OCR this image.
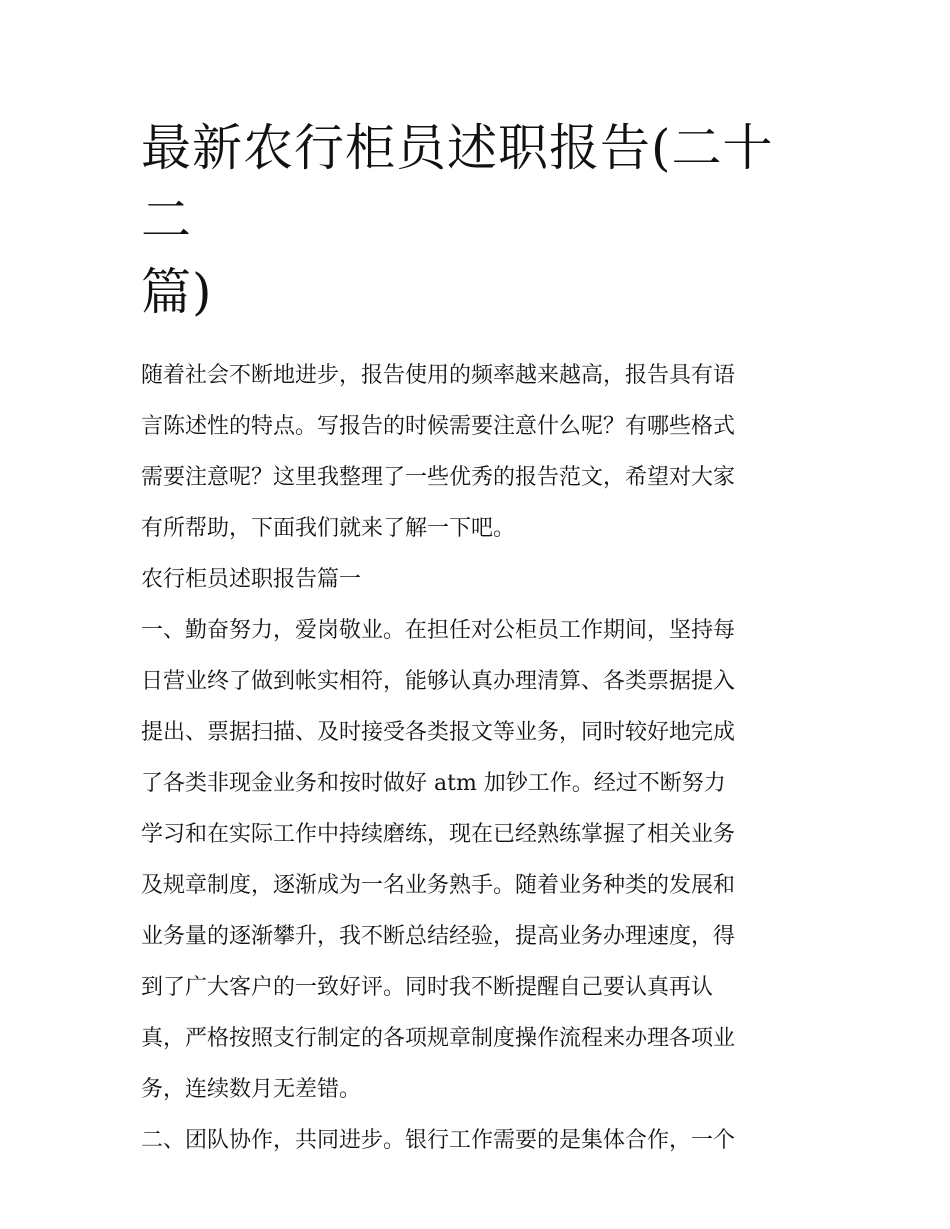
最新农行柜员述职报告(二十二
篇)
随着社会不断地进步，报告使用的频率越来越高，报告具有语
言陈述性的特点。写报告的时候需要注意什么呢？有哪些格式
需要注意呢？这里我整理了一些优秀的报告范文，希望对大家
有所帮助，下面我们就来了解一下吧。
农行柜员述职报告篇一
一、勤奋努力，爱岗敬业。在担任对公柜员工作期间，坚持每
日营业终了做到帐实相符，能够认真办理清算、各类票据提入
提出、票据扫描、及时接受各类报文等业务，同时较好地完成
了各类非现金业务和按时做好 atm 加钞工作。经过不断努力
学习和在实际工作中持续磨练，现在已经熟练掌握了相关业务
及规章制度，逐渐成为一名业务熟手。随着业务种类的发展和
业务量的逐渐攀升，我不断总结经验，提高业务办理速度，得
到了广大客户的一致好评。同时我不断提醒自己要认真再认
真，严格按照支行制定的各项规章制度操作流程来办理各项业
务，连续数月无差错。
二、团队协作，共同进步。银行工作需要的是集体合作，一个
